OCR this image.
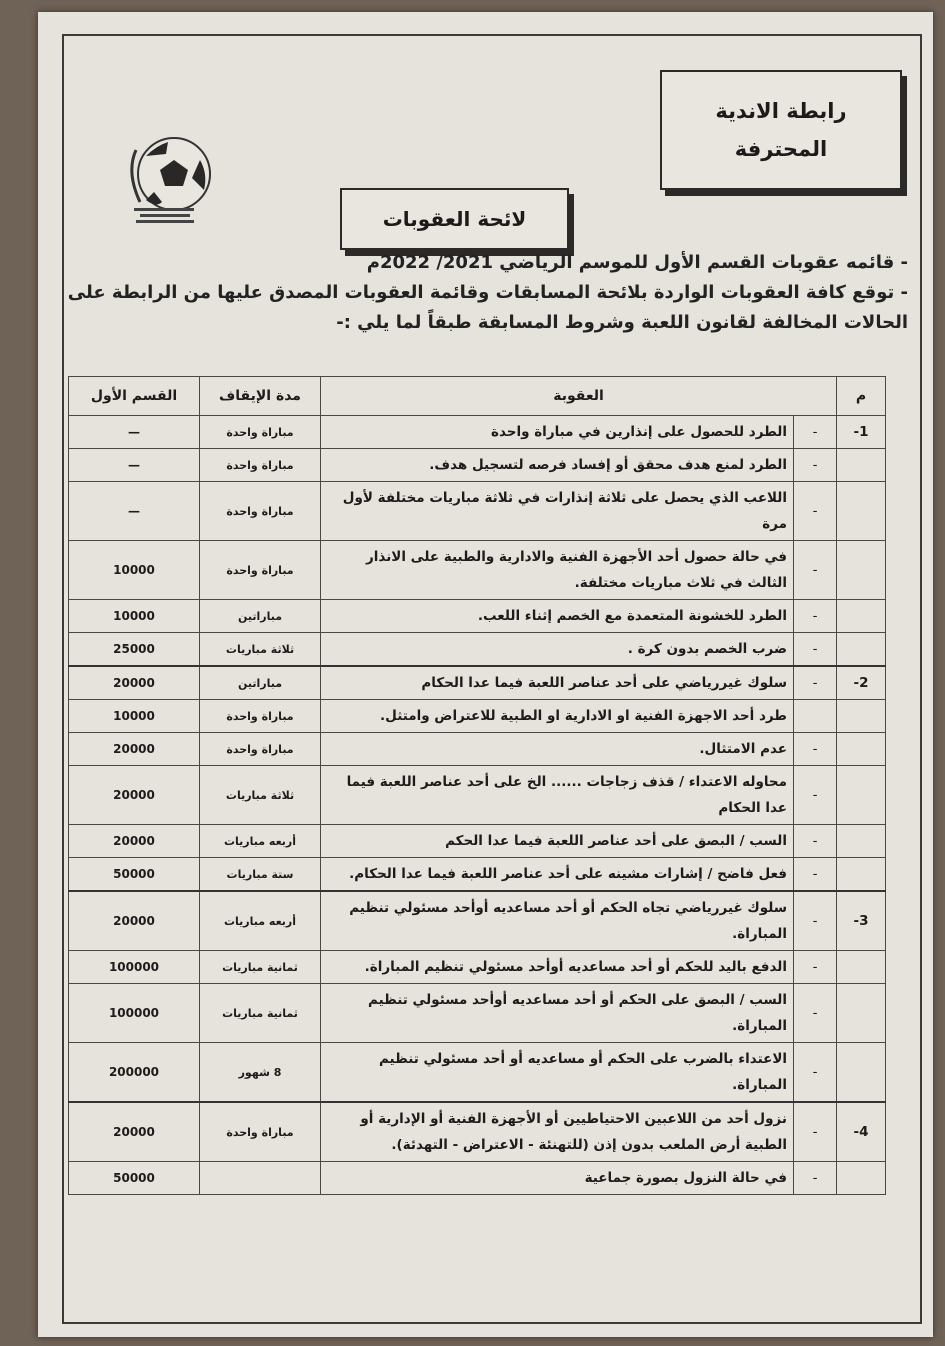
رابطة الاندية
المحترفة
لائحة العقوبات

- قائمه عقوبات القسم الأول للموسم الرياضي 2021/ 2022م

- توقع كافة العقوبات الواردة بلائحة المسابقات وقائمة العقوبات المصدق عليها من الرابطة على

الحالات المخالفة لقانون اللعبة وشروط المسابقة طبقاً لما يلي :-

م	العقوبة		مدة الإيقاف	القسم الأول
1-	-	الطرد للحصول على إنذارين في مباراة واحدة	مباراة واحدة	—
	-	الطرد لمنع هدف محقق أو إفساد فرصه لتسجيل هدف.	مباراة واحدة	—
	-	اللاعب الذي يحصل على ثلاثة إنذارات في ثلاثة مباريات مختلفة لأول مرة	مباراة واحدة	—
	-	في حالة حصول أحد الأجهزة الفنية والادارية والطبية على الانذار الثالث في ثلاث مباريات مختلفة.	مباراة واحدة	10000
	-	الطرد للخشونة المتعمدة مع الخصم إثناء اللعب.	مباراتين	10000
	-	ضرب الخصم بدون كرة .	ثلاثة مباريات	25000
2-	-	سلوك غيررياضي على أحد عناصر اللعبة فيما عدا الحكام	مباراتين	20000
		طرد أحد الاجهزة الفنية او الادارية او الطبية للاعتراض وامتثل.	مباراة واحدة	10000
	-	عدم الامتثال.	مباراة واحدة	20000
	-	محاوله الاعتداء / قذف زجاجات ...... الخ على أحد عناصر اللعبة فيما عدا الحكام	ثلاثة مباريات	20000
	-	السب / البصق على أحد عناصر اللعبة فيما عدا الحكم	أربعه مباريات	20000
	-	فعل فاضح / إشارات مشينه على أحد عناصر اللعبة فيما عدا الحكام.	ستة مباريات	50000
3-	-	سلوك غيررياضي تجاه الحكم أو أحد مساعديه أوأحد مسئولي تنظيم المباراة.	أربعه مباريات	20000
	-	الدفع باليد للحكم أو أحد مساعديه أوأحد مسئولي تنظيم المباراة.	ثمانية مباريات	100000
	-	السب / البصق على الحكم أو أحد مساعديه أوأحد مسئولي تنظيم المباراة.	ثمانية مباريات	100000
	-	الاعتداء بالضرب على الحكم أو مساعديه أو أحد مسئولي تنظيم المباراة.	8 شهور	200000
4-	-	نزول أحد من اللاعبين الاحتياطيين أو الأجهزة الفنية أو الإدارية أو الطبية أرض الملعب بدون إذن (للتهنئة - الاعتراض - التهدئة).	مباراة واحدة	20000
	-	في حالة النزول بصورة جماعية		50000
